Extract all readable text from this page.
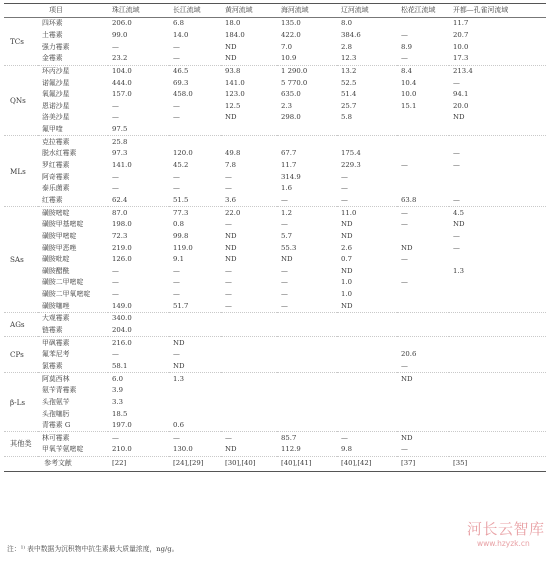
项目		珠江流域	长江流域	黄河流域	海河流域	辽河流域	松花江流域	开都—孔雀河流域
TCs	四环素	206.0	6.8	18.0	135.0	8.0		11.7
	土霉素	99.0	14.0	184.0	422.0	384.6	—	20.7
	强力霉素	—	—	ND	7.0	2.8	8.9	10.0
	金霉素	23.2	—	ND	10.9	12.3	—	17.3
QNs	环丙沙星	104.0	46.5	93.8	1 290.0	13.2	8.4	213.4
	诺氟沙星	444.0	69.3	141.0	5 770.0	52.5	10.4	—
	氧氟沙星	157.0	458.0	123.0	635.0	51.4	10.0	94.1
	恩诺沙星	—	—	12.5	2.3	25.7	15.1	20.0
	洛美沙星	—	—	ND	298.0	5.8		ND
	氟甲喹	97.5						
MLs	克拉霉素	25.8						
	脱水红霉素	97.3	120.0	49.8	67.7	175.4		—
	罗红霉素	141.0	45.2	7.8	11.7	229.3	—	—
	阿奇霉素	—	—	—	314.9	—		
	泰乐菌素	—	—	—	1.6	—		
	红霉素	62.4	51.5	3.6	—	—	63.8	—
SAs	磺胺嘧啶	87.0	77.3	22.0	1.2	11.0	—	4.5
	磺胺甲基嘧啶	198.0	0.8	—	—	ND	—	ND
	磺胺甲嘧啶	72.3	99.8	ND	5.7	ND		—
	磺胺甲恶唑	219.0	119.0	ND	55.3	2.6	ND	—
	磺胺吡啶	126.0	9.1	ND	ND	0.7	—	
	磺胺醋酰	—	—	—	—	ND		1.3
	磺胺二甲嘧啶	—	—	—	—	1.0	—	
	磺胺二甲氧嘧啶	—	—	—	—	1.0		
	磺胺噻唑	149.0	51.7	—	—	ND		
AGs	大观霉素	340.0						
	链霉素	204.0						
CPs	甲砜霉素	216.0	ND					
	氟苯尼考	—	—				20.6	
	氯霉素	58.1	ND				—	
β-Ls	阿莫西林	6.0	1.3				ND	
	氨苄青霉素	3.9						
	头孢氨苄	3.3						
	头孢噻肟	18.5						
	青霉素 G	197.0	0.6					
其他类	林可霉素	—	—	—	85.7	—	ND	
	甲氧苄氨嘧啶	210.0	130.0	ND	112.9	9.8	—	
参考文献		[22]	[24],[29]	[30],[40]	[40],[41]	[40],[42]	[37]	[35]
注：¹⁾ 表中数据为沉积物中抗生素最大质量浓度，ng/g。
河长云智库
www.hzyzk.cn
